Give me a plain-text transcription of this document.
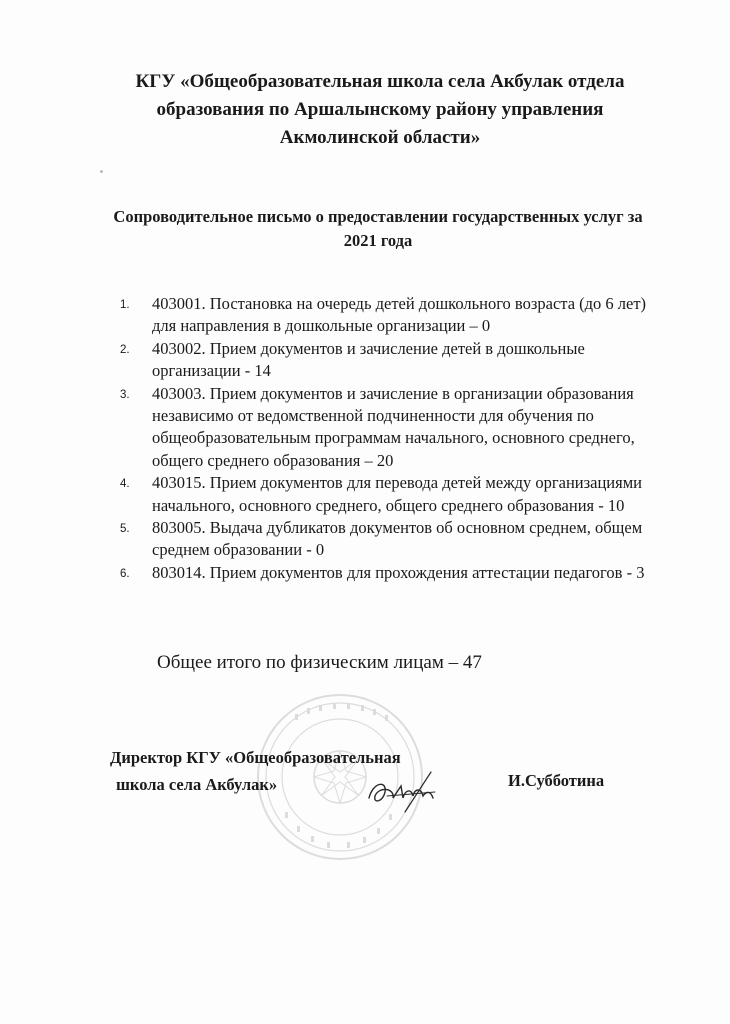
КГУ «Общеобразовательная школа села Акбулак отдела
образования по Аршалынскому району управления
Акмолинской области»
Сопроводительное письмо о предоставлении государственных услуг за
2021 года
1. 403001. Постановка на очередь детей дошкольного возраста (до 6 лет)
для направления в дошкольные организации – 0
2. 403002. Прием документов и зачисление детей в дошкольные
организации - 14
3. 403003. Прием документов и зачисление в организации образования
независимо от ведомственной подчиненности для обучения по
общеобразовательным программам начального, основного среднего,
общего среднего образования – 20
4. 403015. Прием документов для перевода детей между организациями
начального, основного среднего, общего среднего образования - 10
5. 803005. Выдача дубликатов документов об основном среднем, общем
среднем образовании - 0
6. 803014. Прием документов для прохождения аттестации педагогов - 3

Общее итого по физическим лицам – 47

Директор КГУ «Общеобразовательная
школа села Акбулак»	И.Субботина
